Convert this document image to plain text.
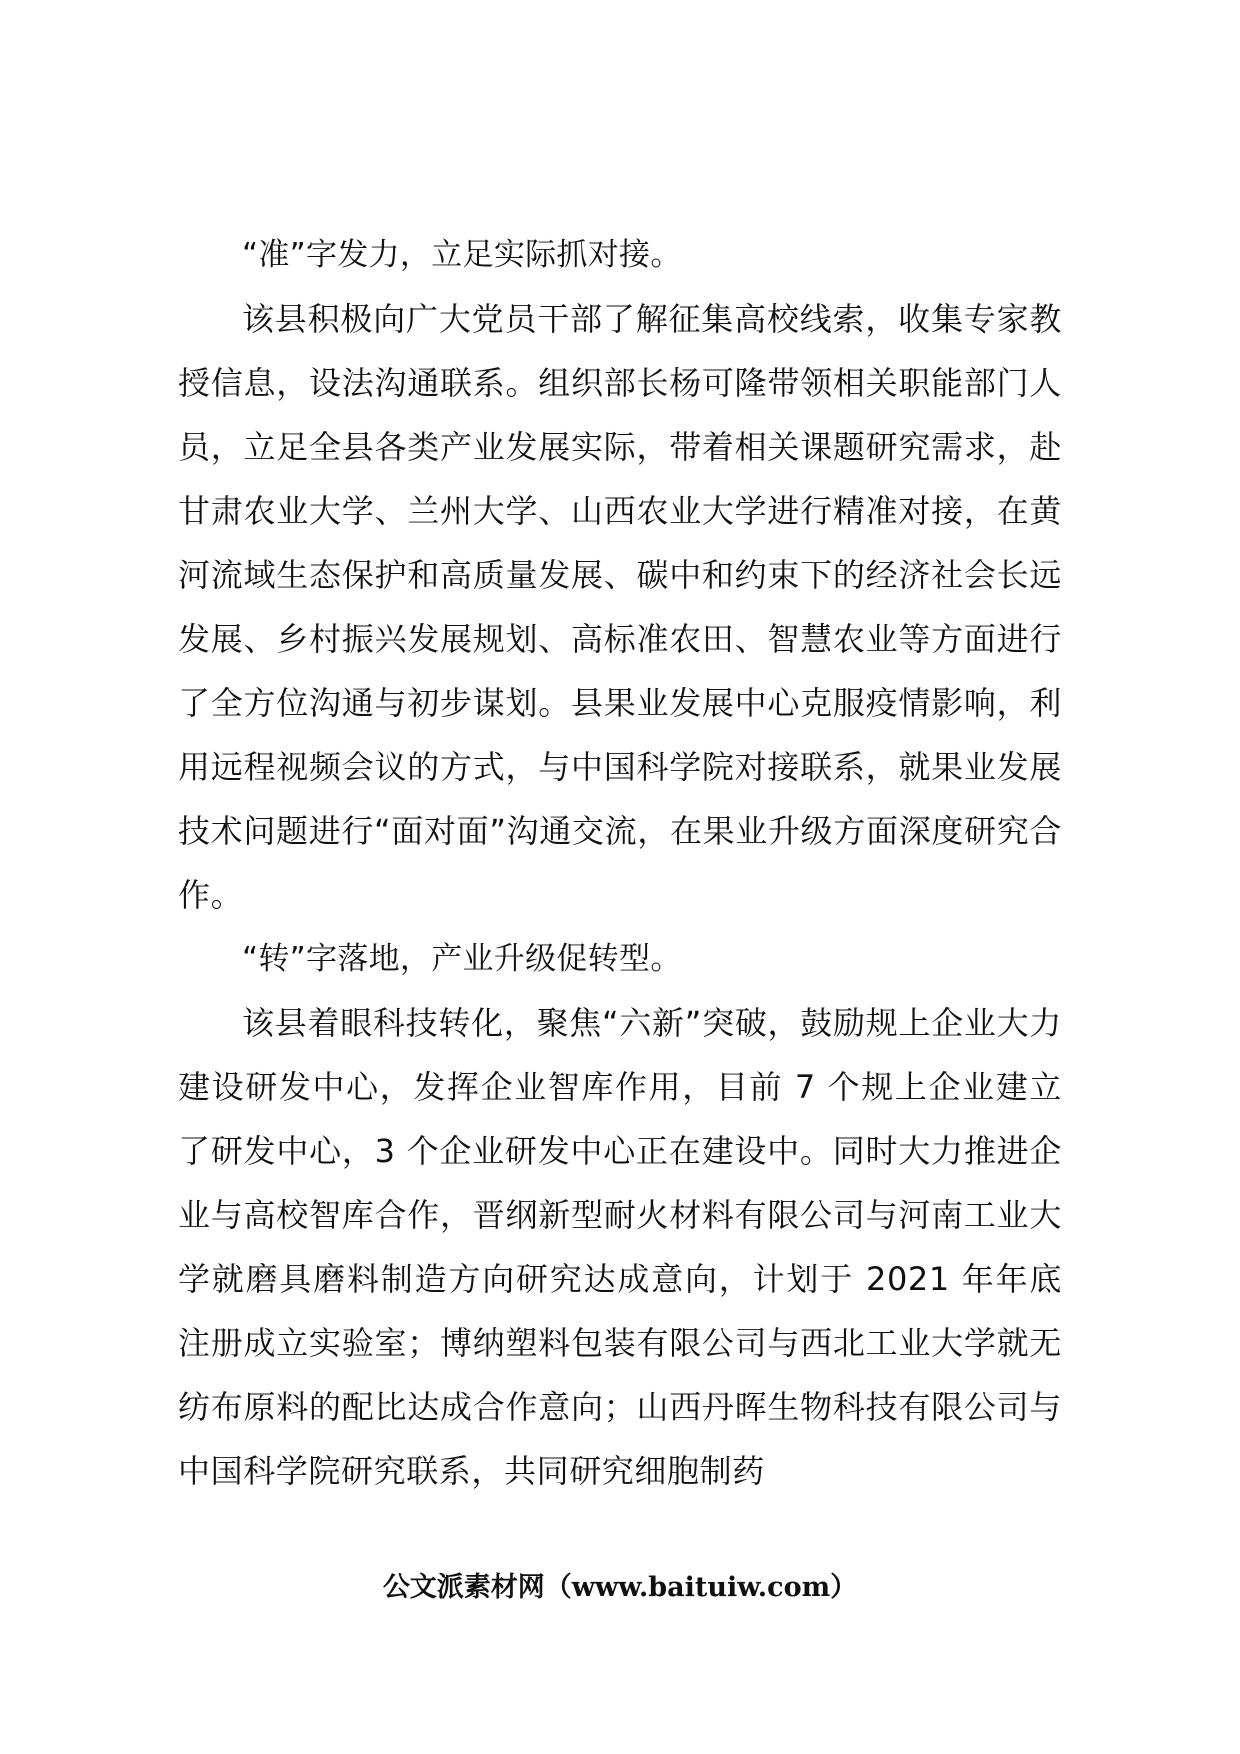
“准”字发力，立足实际抓对接。

该县积极向广大党员干部了解征集高校线索，收集专家教授信息，设法沟通联系。组织部长杨可隆带领相关职能部门人员，立足全县各类产业发展实际，带着相关课题研究需求，赴甘肃农业大学、兰州大学、山西农业大学进行精准对接，在黄河流域生态保护和高质量发展、碳中和约束下的经济社会长远发展、乡村振兴发展规划、高标准农田、智慧农业等方面进行了全方位沟通与初步谋划。县果业发展中心克服疫情影响，利用远程视频会议的方式，与中国科学院对接联系，就果业发展技术问题进行“面对面”沟通交流，在果业升级方面深度研究合作。

“转”字落地，产业升级促转型。

该县着眼科技转化，聚焦“六新”突破，鼓励规上企业大力建设研发中心，发挥企业智库作用，目前 7 个规上企业建立了研发中心，3 个企业研发中心正在建设中。同时大力推进企业与高校智库合作，晋纲新型耐火材料有限公司与河南工业大学就磨具磨料制造方向研究达成意向，计划于 2021 年年底注册成立实验室；博纳塑料包装有限公司与西北工业大学就无纺布原料的配比达成合作意向；山西丹晖生物科技有限公司与中国科学院研究联系，共同研究细胞制药

公文派素材网（www.baituiw.com）
